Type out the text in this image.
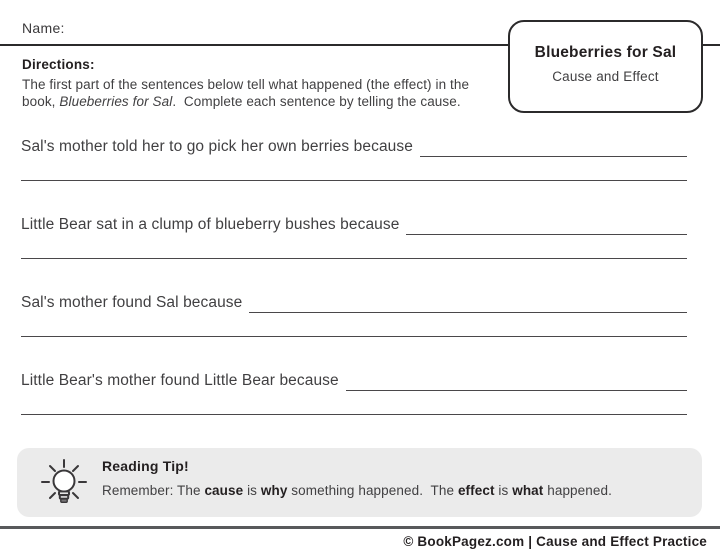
Name:
Blueberries for Sal
Cause and Effect
Directions:

The first part of the sentences below tell what happened (the effect) in the book, Blueberries for Sal.  Complete each sentence by telling the cause.

Sal's mother told her to go pick her own berries because
Little Bear sat in a clump of blueberry bushes because
Sal's mother found Sal because
Little Bear's mother found Little Bear because
Reading Tip!

Remember: The cause is why something happened.  The effect is what happened.

© BookPagez.com | Cause and Effect Practice
